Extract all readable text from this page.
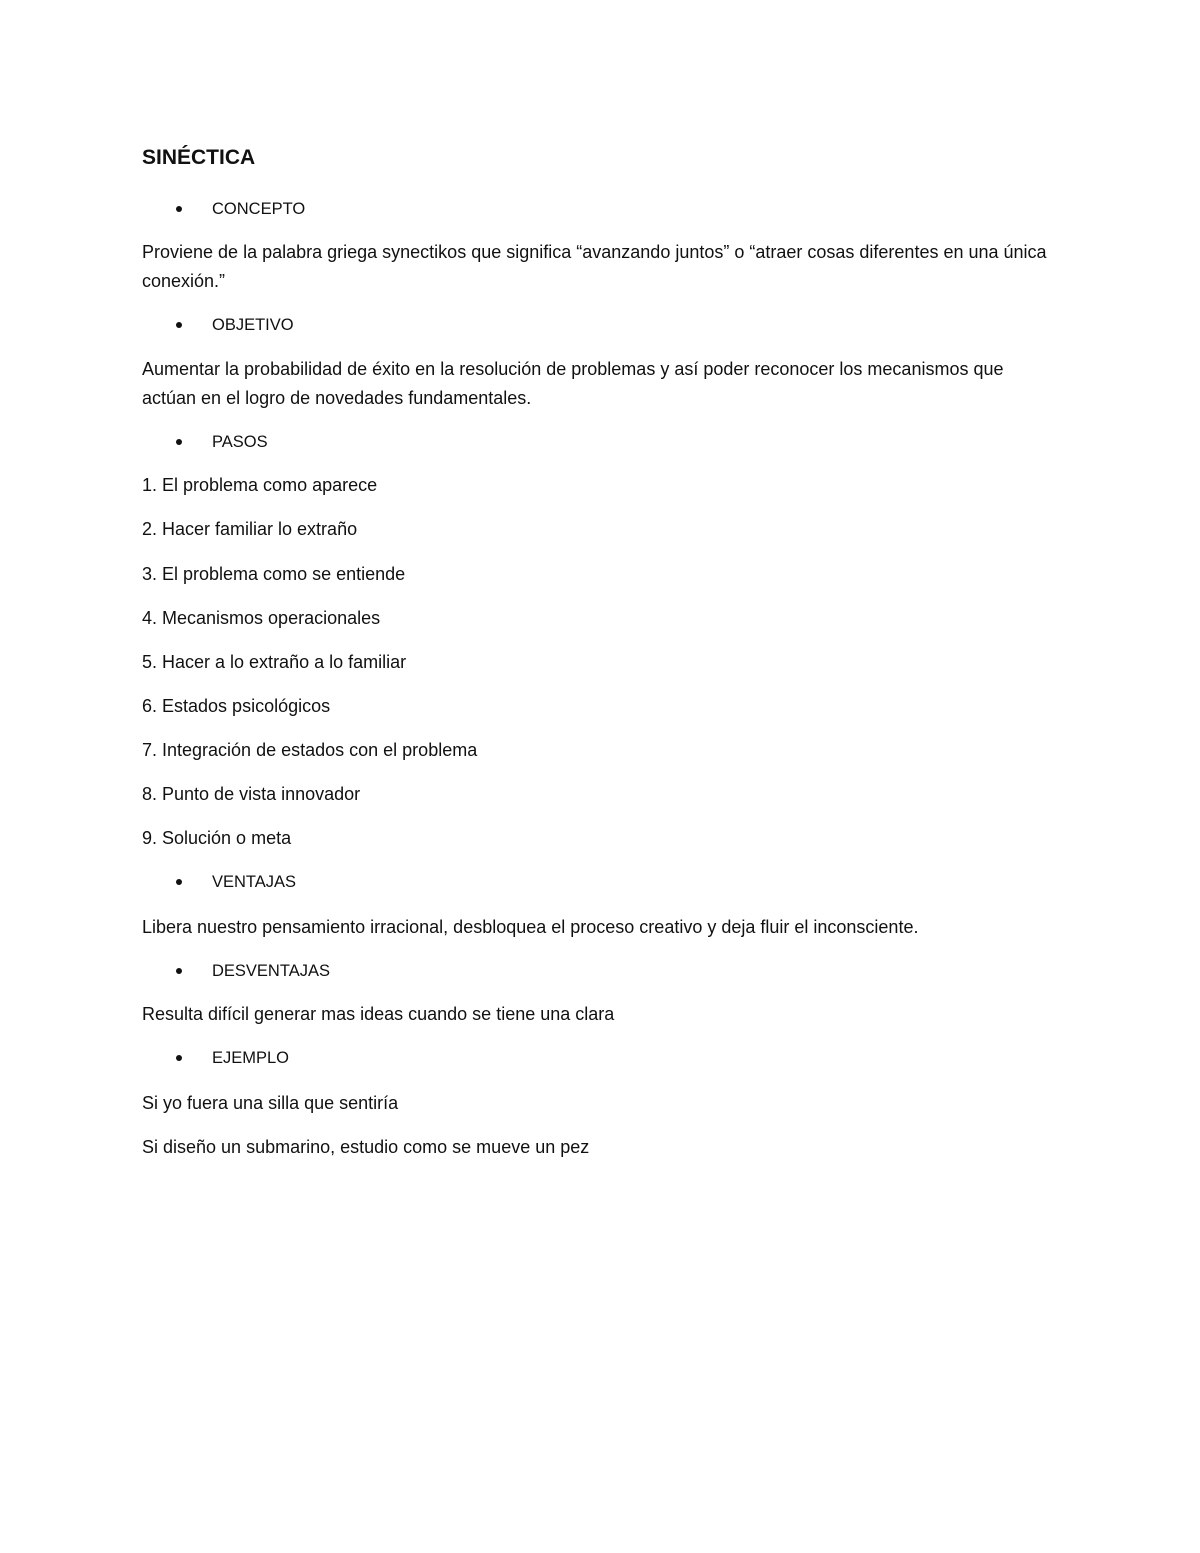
SINÉCTICA
CONCEPTO
Proviene de la palabra griega synectikos que significa “avanzando juntos” o “atraer cosas diferentes en una única conexión.”
OBJETIVO
Aumentar la probabilidad de éxito en la resolución de problemas y así poder reconocer los mecanismos que actúan en el logro de novedades fundamentales.
PASOS
1. El problema como aparece
2. Hacer familiar lo extraño
3. El problema como se entiende
4. Mecanismos operacionales
5. Hacer a lo extraño a lo familiar
6. Estados psicológicos
7. Integración de estados con el problema
8. Punto de vista innovador
9. Solución o meta
VENTAJAS
Libera nuestro pensamiento irracional, desbloquea el proceso creativo y deja fluir el inconsciente.
DESVENTAJAS
Resulta difícil generar mas ideas cuando se tiene una clara
EJEMPLO
Si yo fuera una silla que sentiría
Si diseño un submarino, estudio como se mueve un pez
